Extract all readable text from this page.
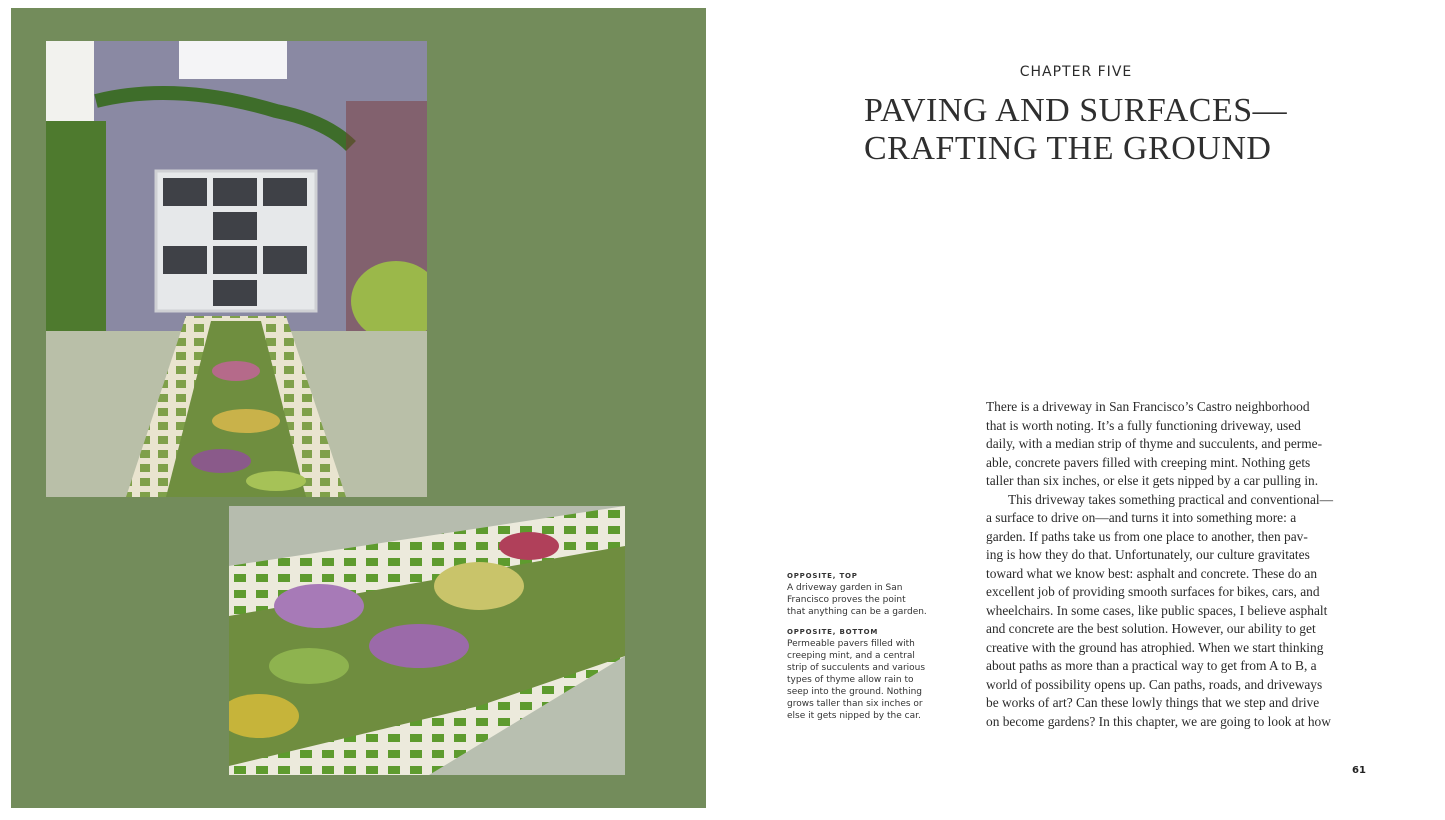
CHAPTER FIVE
PAVING AND SURFACES—
CRAFTING THE GROUND
OPPOSITE, TOP
A driveway garden in San
Francisco proves the point
that anything can be a garden.
OPPOSITE, BOTTOM
Permeable pavers filled with
creeping mint, and a central
strip of succulents and various
types of thyme allow rain to
seep into the ground. Nothing
grows taller than six inches or
else it gets nipped by the car.
There is a driveway in San Francisco’s Castro neighborhood
that is worth noting. It’s a fully functioning driveway, used
daily, with a median strip of thyme and succulents, and perme-
able, concrete pavers filled with creeping mint. Nothing gets
taller than six inches, or else it gets nipped by a car pulling in.
This driveway takes something practical and conventional—
a surface to drive on—and turns it into something more: a
garden. If paths take us from one place to another, then pav-
ing is how they do that. Unfortunately, our culture gravitates
toward what we know best: asphalt and concrete. These do an
excellent job of providing smooth surfaces for bikes, cars, and
wheelchairs. In some cases, like public spaces, I believe asphalt
and concrete are the best solution. However, our ability to get
creative with the ground has atrophied. When we start thinking
about paths as more than a practical way to get from A to B, a
world of possibility opens up. Can paths, roads, and driveways
be works of art? Can these lowly things that we step and drive
on become gardens? In this chapter, we are going to look at how
61
